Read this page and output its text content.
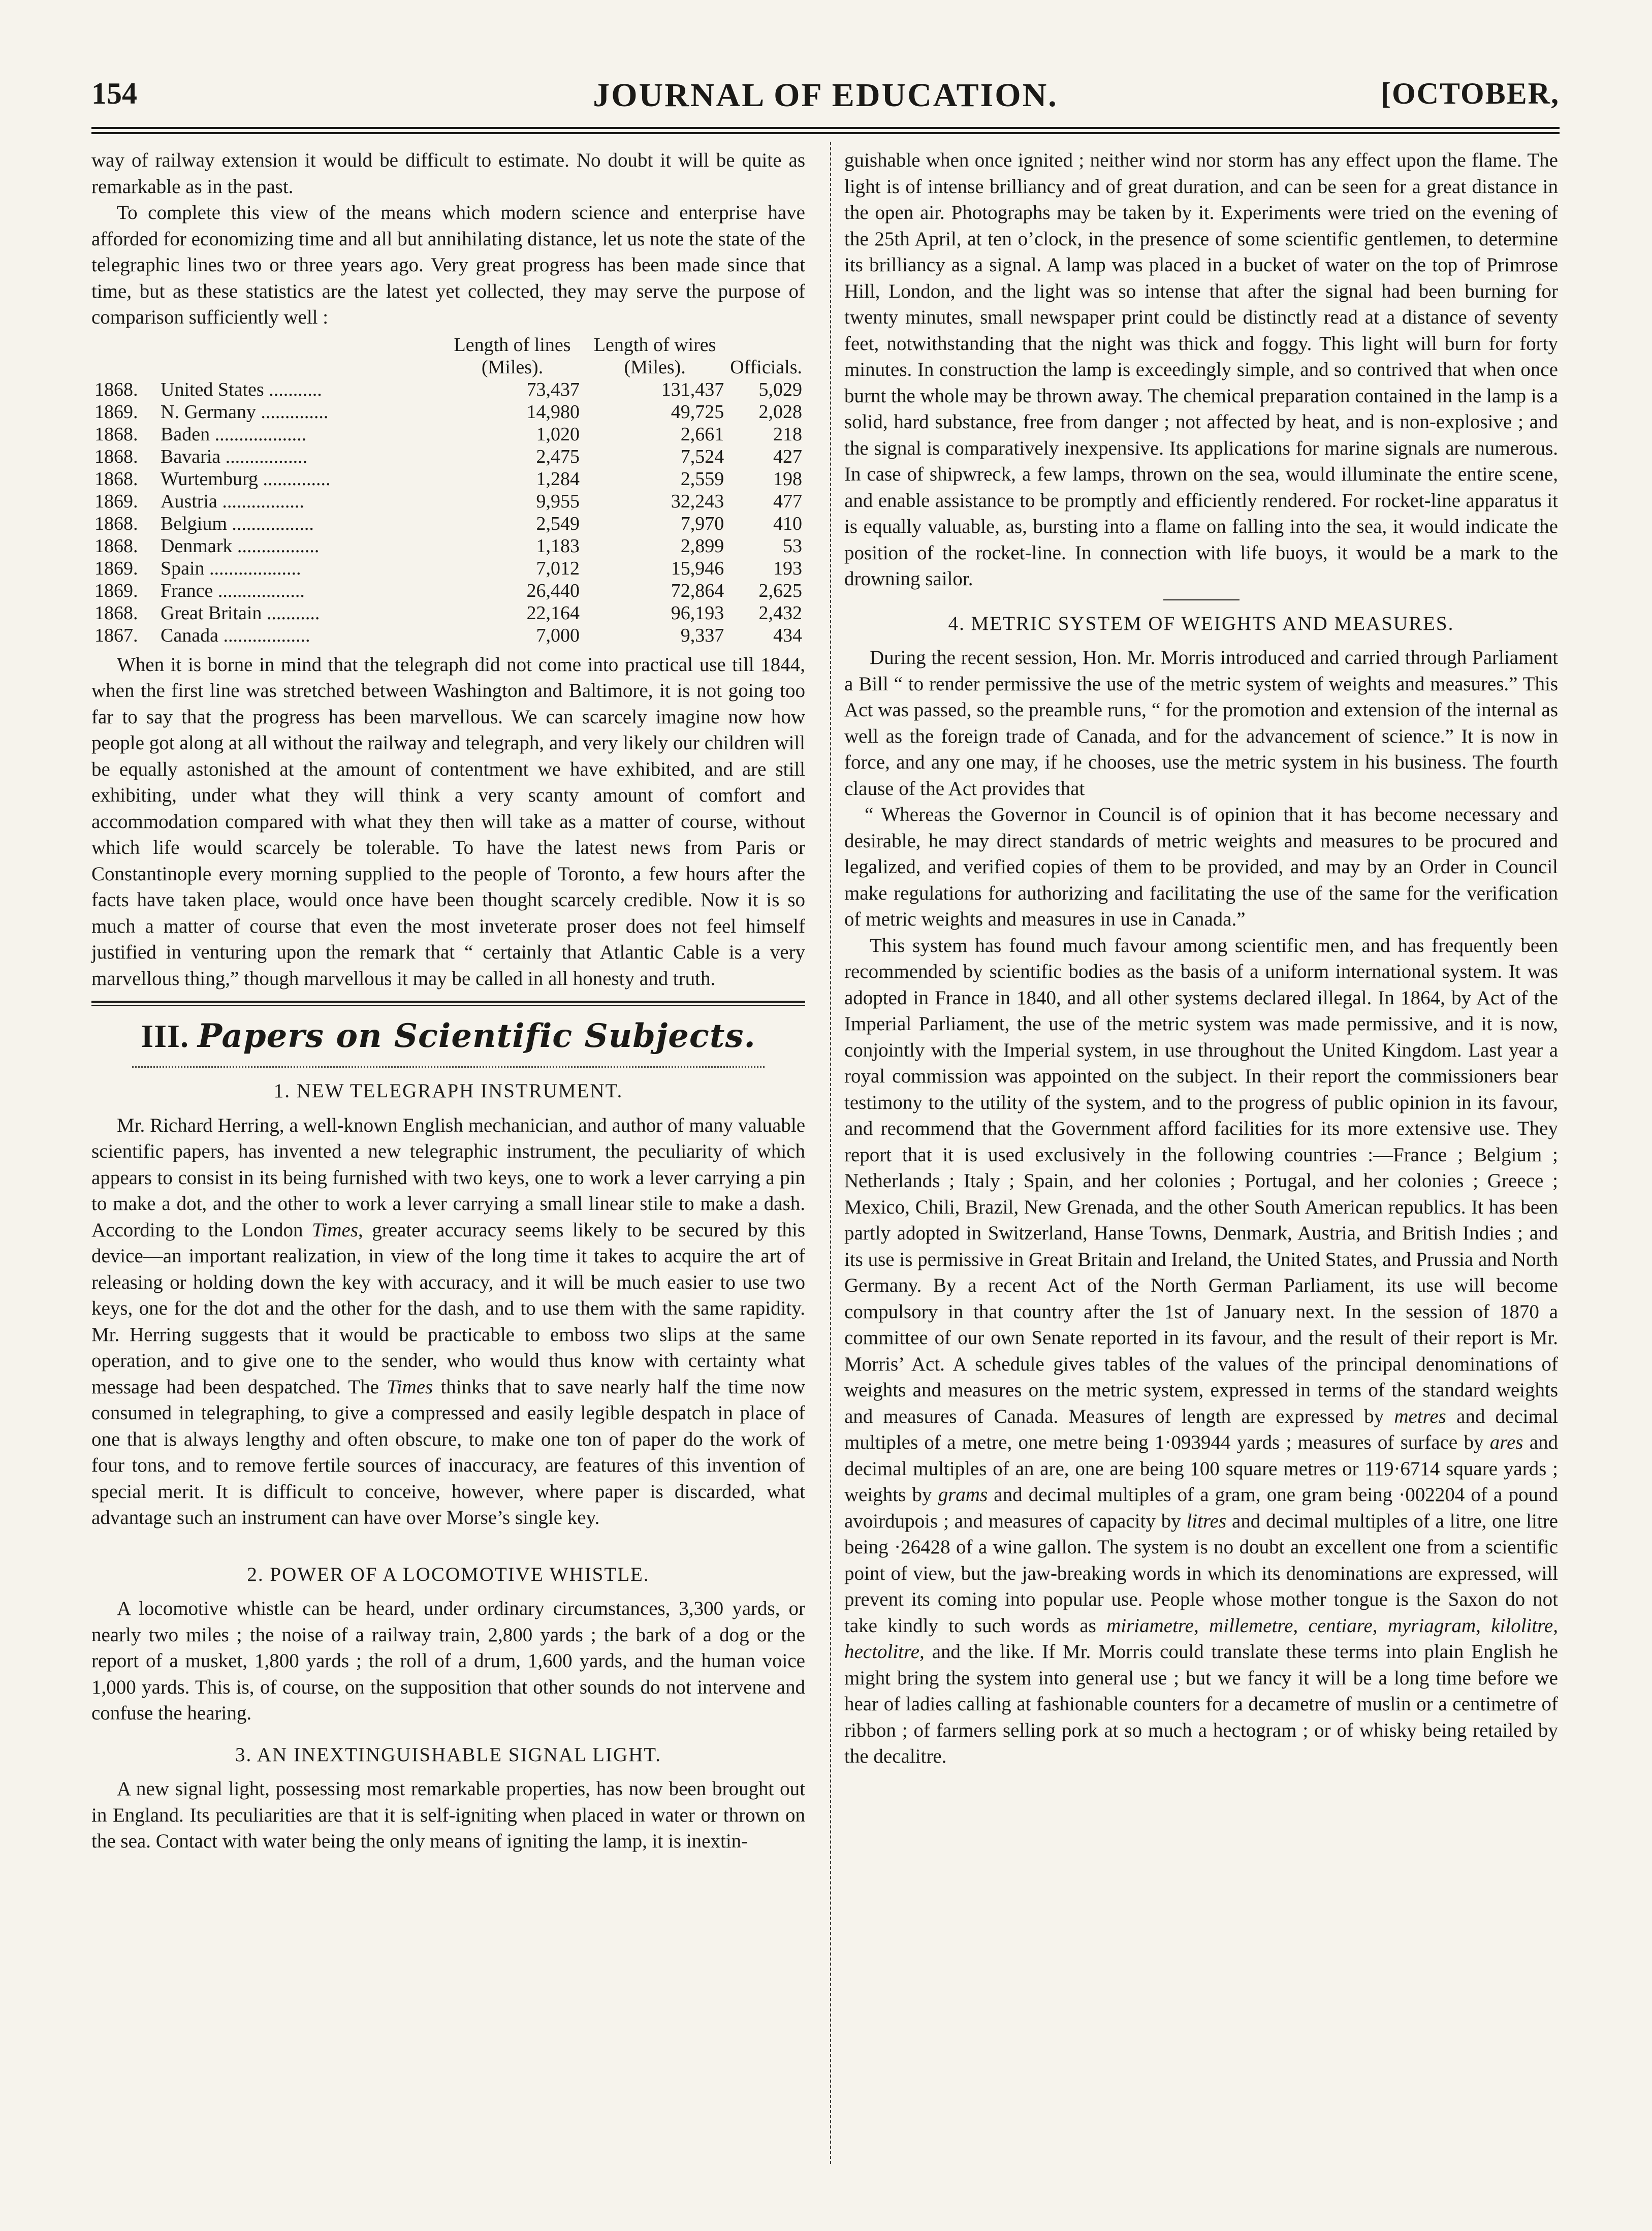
154	JOURNAL OF EDUCATION.	[OCTOBER,

way of railway extension it would be difficult to estimate. No doubt it will be quite as remarkable as in the past.

To complete this view of the means which modern science and enterprise have afforded for economizing time and all but annihilating distance, let us note the state of the telegraphic lines two or three years ago. Very great progress has been made since that time, but as these statistics are the latest yet collected, they may serve the purpose of comparison sufficiently well :

		Length of lines (Miles).	Length of wires (Miles).	Officials.
1868.	United States ...........	73,437	131,437	5,029
1869.	N. Germany ..............	14,980	49,725	2,028
1868.	Baden ...................	1,020	2,661	218
1868.	Bavaria .................	2,475	7,524	427
1868.	Wurtemburg ..............	1,284	2,559	198
1869.	Austria .................	9,955	32,243	477
1868.	Belgium .................	2,549	7,970	410
1868.	Denmark .................	1,183	2,899	53
1869.	Spain ...................	7,012	15,946	193
1869.	France ..................	26,440	72,864	2,625
1868.	Great Britain ...........	22,164	96,193	2,432
1867.	Canada ..................	7,000	9,337	434

When it is borne in mind that the telegraph did not come into practical use till 1844, when the first line was stretched between Washington and Baltimore, it is not going too far to say that the progress has been marvellous. We can scarcely imagine now how people got along at all without the railway and telegraph, and very likely our children will be equally astonished at the amount of contentment we have exhibited, and are still exhibiting, under what they will think a very scanty amount of comfort and accommodation compared with what they then will take as a matter of course, without which life would scarcely be tolerable. To have the latest news from Paris or Constantinople every morning supplied to the people of Toronto, a few hours after the facts have taken place, would once have been thought scarcely credible. Now it is so much a matter of course that even the most inveterate proser does not feel himself justified in venturing upon the remark that “ certainly that Atlantic Cable is a very marvellous thing,” though marvellous it may be called in all honesty and truth.

III. Papers on Scientific Subjects.
1. NEW TELEGRAPH INSTRUMENT.

Mr. Richard Herring, a well-known English mechanician, and author of many valuable scientific papers, has invented a new telegraphic instrument, the peculiarity of which appears to consist in its being furnished with two keys, one to work a lever carrying a pin to make a dot, and the other to work a lever carrying a small linear stile to make a dash. According to the London Times, greater accuracy seems likely to be secured by this device—an important realization, in view of the long time it takes to acquire the art of releasing or holding down the key with accuracy, and it will be much easier to use two keys, one for the dot and the other for the dash, and to use them with the same rapidity. Mr. Herring suggests that it would be practicable to emboss two slips at the same operation, and to give one to the sender, who would thus know with certainty what message had been despatched. The Times thinks that to save nearly half the time now consumed in telegraphing, to give a compressed and easily legible despatch in place of one that is always lengthy and often obscure, to make one ton of paper do the work of four tons, and to remove fertile sources of inaccuracy, are features of this invention of special merit. It is difficult to conceive, however, where paper is discarded, what advantage such an instrument can have over Morse’s single key.

2. POWER OF A LOCOMOTIVE WHISTLE.

A locomotive whistle can be heard, under ordinary circumstances, 3,300 yards, or nearly two miles ; the noise of a railway train, 2,800 yards ; the bark of a dog or the report of a musket, 1,800 yards ; the roll of a drum, 1,600 yards, and the human voice 1,000 yards. This is, of course, on the supposition that other sounds do not intervene and confuse the hearing.

3. AN INEXTINGUISHABLE SIGNAL LIGHT.

A new signal light, possessing most remarkable properties, has now been brought out in England. Its peculiarities are that it is self-igniting when placed in water or thrown on the sea. Contact with water being the only means of igniting the lamp, it is inextin-

guishable when once ignited ; neither wind nor storm has any effect upon the flame. The light is of intense brilliancy and of great duration, and can be seen for a great distance in the open air. Photographs may be taken by it. Experiments were tried on the evening of the 25th April, at ten o’clock, in the presence of some scientific gentlemen, to determine its brilliancy as a signal. A lamp was placed in a bucket of water on the top of Primrose Hill, London, and the light was so intense that after the signal had been burning for twenty minutes, small newspaper print could be distinctly read at a distance of seventy feet, notwithstanding that the night was thick and foggy. This light will burn for forty minutes. In construction the lamp is exceedingly simple, and so contrived that when once burnt the whole may be thrown away. The chemical preparation contained in the lamp is a solid, hard substance, free from danger ; not affected by heat, and is non-explosive ; and the signal is comparatively inexpensive. Its applications for marine signals are numerous. In case of shipwreck, a few lamps, thrown on the sea, would illuminate the entire scene, and enable assistance to be promptly and efficiently rendered. For rocket-line apparatus it is equally valuable, as, bursting into a flame on falling into the sea, it would indicate the position of the rocket-line. In connection with life buoys, it would be a mark to the drowning sailor.

4. METRIC SYSTEM OF WEIGHTS AND MEASURES.

During the recent session, Hon. Mr. Morris introduced and carried through Parliament a Bill “ to render permissive the use of the metric system of weights and measures.” This Act was passed, so the preamble runs, “ for the promotion and extension of the internal as well as the foreign trade of Canada, and for the advancement of science.” It is now in force, and any one may, if he chooses, use the metric system in his business. The fourth clause of the Act provides that

“ Whereas the Governor in Council is of opinion that it has become necessary and desirable, he may direct standards of metric weights and measures to be procured and legalized, and verified copies of them to be provided, and may by an Order in Council make regulations for authorizing and facilitating the use of the same for the verification of metric weights and measures in use in Canada.”

This system has found much favour among scientific men, and has frequently been recommended by scientific bodies as the basis of a uniform international system. It was adopted in France in 1840, and all other systems declared illegal. In 1864, by Act of the Imperial Parliament, the use of the metric system was made permissive, and it is now, conjointly with the Imperial system, in use throughout the United Kingdom. Last year a royal commission was appointed on the subject. In their report the commissioners bear testimony to the utility of the system, and to the progress of public opinion in its favour, and recommend that the Government afford facilities for its more extensive use. They report that it is used exclusively in the following countries :—France ; Belgium ; Netherlands ; Italy ; Spain, and her colonies ; Portugal, and her colonies ; Greece ; Mexico, Chili, Brazil, New Grenada, and the other South American republics. It has been partly adopted in Switzerland, Hanse Towns, Denmark, Austria, and British Indies ; and its use is permissive in Great Britain and Ireland, the United States, and Prussia and North Germany. By a recent Act of the North German Parliament, its use will become compulsory in that country after the 1st of January next. In the session of 1870 a committee of our own Senate reported in its favour, and the result of their report is Mr. Morris’ Act. A schedule gives tables of the values of the principal denominations of weights and measures on the metric system, expressed in terms of the standard weights and measures of Canada. Measures of length are expressed by metres and decimal multiples of a metre, one metre being 1·093944 yards ; measures of surface by ares and decimal multiples of an are, one are being 100 square metres or 119·6714 square yards ; weights by grams and decimal multiples of a gram, one gram being ·002204 of a pound avoirdupois ; and measures of capacity by litres and decimal multiples of a litre, one litre being ·26428 of a wine gallon. The system is no doubt an excellent one from a scientific point of view, but the jaw-breaking words in which its denominations are expressed, will prevent its coming into popular use. People whose mother tongue is the Saxon do not take kindly to such words as miriametre, millemetre, centiare, myriagram, kilolitre, hectolitre, and the like. If Mr. Morris could translate these terms into plain English he might bring the system into general use ; but we fancy it will be a long time before we hear of ladies calling at fashionable counters for a decametre of muslin or a centimetre of ribbon ; of farmers selling pork at so much a hectogram ; or of whisky being retailed by the decalitre.
